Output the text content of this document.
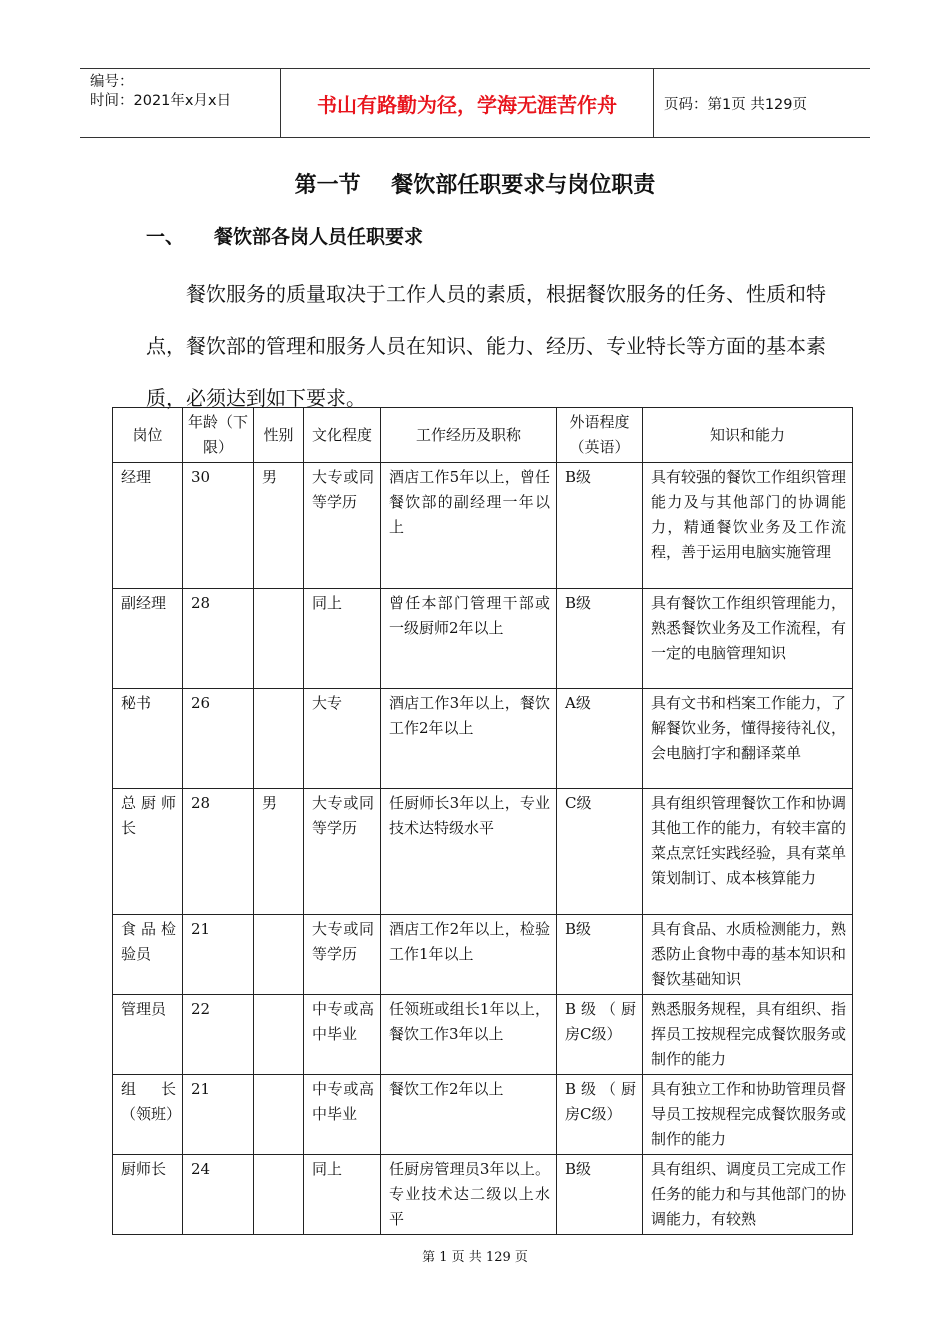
编号：
时间：2021年x月x日	书山有路勤为径，学海无涯苦作舟	页码：第1页 共129页
第一节    餐饮部任职要求与岗位职责
一、 餐饮部各岗人员任职要求
餐饮服务的质量取决于工作人员的素质，根据餐饮服务的任务、性质和特点，餐饮部的管理和服务人员在知识、能力、经历、专业特长等方面的基本素质，必须达到如下要求。
岗位	年龄（下限）	性别	文化程度	工作经历及职称	外语程度（英语）	知识和能力
经理	30	男	大专或同等学历	酒店工作5年以上，曾任餐饮部的副经理一年以上	B级	具有较强的餐饮工作组织管理能力及与其他部门的协调能力，精通餐饮业务及工作流程，善于运用电脑实施管理
副经理	28		同上	曾任本部门管理干部或一级厨师2年以上	B级	具有餐饮工作组织管理能力，熟悉餐饮业务及工作流程，有一定的电脑管理知识
秘书	26		大专	酒店工作3年以上，餐饮工作2年以上	A级	具有文书和档案工作能力，了解餐饮业务，懂得接待礼仪，会电脑打字和翻译菜单
总厨师长	28	男	大专或同等学历	任厨师长3年以上，专业技术达特级水平	C级	具有组织管理餐饮工作和协调其他工作的能力，有较丰富的菜点烹饪实践经验，具有菜单策划制订、成本核算能力
食品检验员	21		大专或同等学历	酒店工作2年以上，检验工作1年以上	B级	具有食品、水质检测能力，熟悉防止食物中毒的基本知识和餐饮基础知识
管理员	22		中专或高中毕业	任领班或组长1年以上，餐饮工作3年以上	B级（厨房C级）	熟悉服务规程，具有组织、指挥员工按规程完成餐饮服务或制作的能力
组长（领班）	21		中专或高中毕业	餐饮工作2年以上	B级（厨房C级）	具有独立工作和协助管理员督导员工按规程完成餐饮服务或制作的能力
厨师长	24		同上	任厨房管理员3年以上。专业技术达二级以上水平	B级	具有组织、调度员工完成工作任务的能力和与其他部门的协调能力，有较熟
第 1 页 共 129 页
